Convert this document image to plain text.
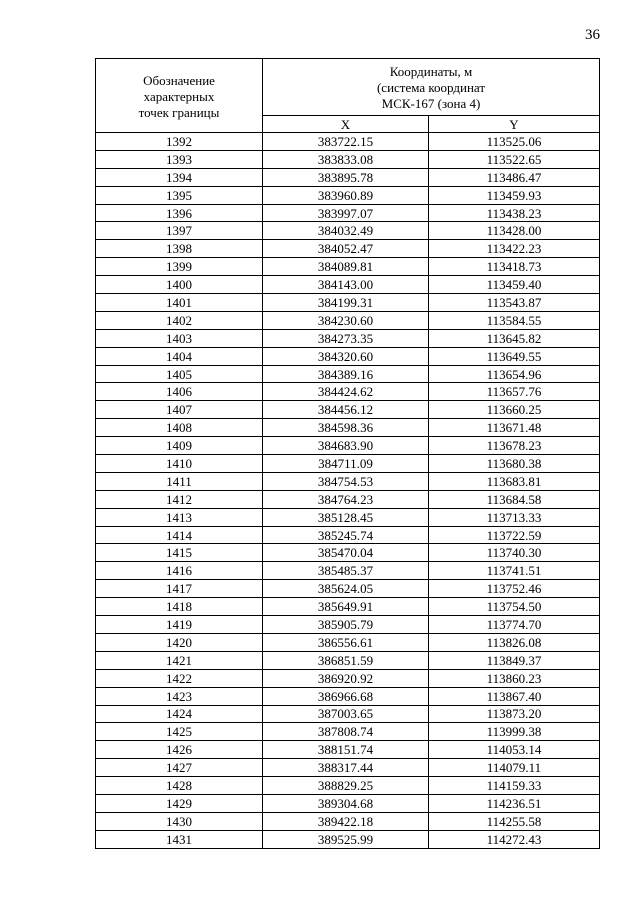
36
Обозначение
характерных
точек границы	Координаты, м
(система координат
МСК-167 (зона 4)	

	X	Y
1392	383722.15	113525.06
1393	383833.08	113522.65
1394	383895.78	113486.47
1395	383960.89	113459.93
1396	383997.07	113438.23
1397	384032.49	113428.00
1398	384052.47	113422.23
1399	384089.81	113418.73
1400	384143.00	113459.40
1401	384199.31	113543.87
1402	384230.60	113584.55
1403	384273.35	113645.82
1404	384320.60	113649.55
1405	384389.16	113654.96
1406	384424.62	113657.76
1407	384456.12	113660.25
1408	384598.36	113671.48
1409	384683.90	113678.23
1410	384711.09	113680.38
1411	384754.53	113683.81
1412	384764.23	113684.58
1413	385128.45	113713.33
1414	385245.74	113722.59
1415	385470.04	113740.30
1416	385485.37	113741.51
1417	385624.05	113752.46
1418	385649.91	113754.50
1419	385905.79	113774.70
1420	386556.61	113826.08
1421	386851.59	113849.37
1422	386920.92	113860.23
1423	386966.68	113867.40
1424	387003.65	113873.20
1425	387808.74	113999.38
1426	388151.74	114053.14
1427	388317.44	114079.11
1428	388829.25	114159.33
1429	389304.68	114236.51
1430	389422.18	114255.58
1431	389525.99	114272.43
